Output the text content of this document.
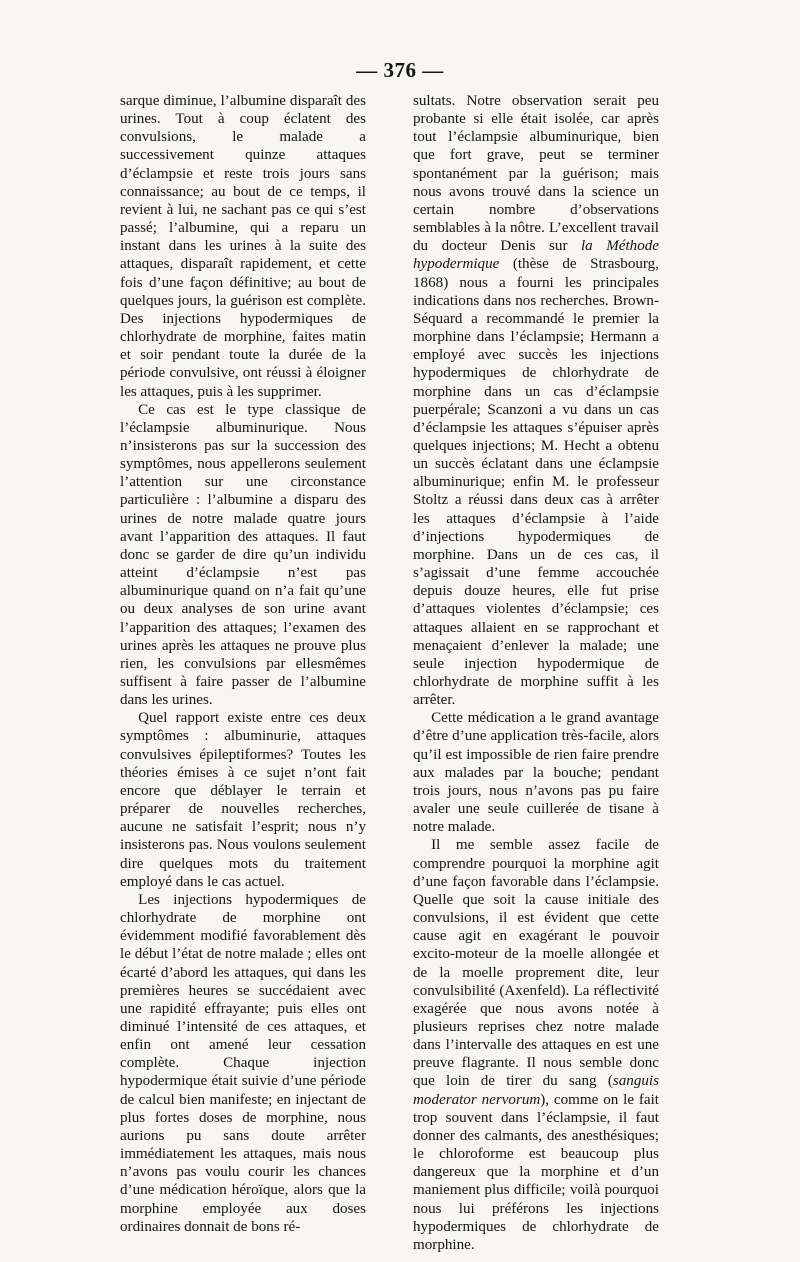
— 376 —

sarque diminue, l’albumine disparaît des urines. Tout à coup éclatent des convulsions, le malade a successivement quinze attaques d’éclampsie et reste trois jours sans connaissance; au bout de ce temps, il revient à lui, ne sachant pas ce qui s’est passé; l’albumine, qui a reparu un instant dans les urines à la suite des attaques, disparaît rapidement, et cette fois d’une façon définitive; au bout de quelques jours, la guérison est complète. Des injections hypodermiques de chlorhydrate de morphine, faites matin et soir pendant toute la durée de la période convulsive, ont réussi à éloigner les attaques, puis à les supprimer.

Ce cas est le type classique de l’éclampsie albuminurique. Nous n’insisterons pas sur la succession des symptômes, nous appellerons seulement l’attention sur une circonstance particulière : l’albumine a disparu des urines de notre malade quatre jours avant l’apparition des attaques. Il faut donc se garder de dire qu’un individu atteint d’éclampsie n’est pas albuminurique quand on n’a fait qu’une ou deux analyses de son urine avant l’apparition des attaques; l’examen des urines après les attaques ne prouve plus rien, les convulsions par ellesmêmes suffisent à faire passer de l’albumine dans les urines.

Quel rapport existe entre ces deux symptômes : albuminurie, attaques convulsives épileptiformes? Toutes les théories émises à ce sujet n’ont fait encore que déblayer le terrain et préparer de nouvelles recherches, aucune ne satisfait l’esprit; nous n’y insisterons pas. Nous voulons seulement dire quelques mots du traitement employé dans le cas actuel.

Les injections hypodermiques de chlorhydrate de morphine ont évidemment modifié favorablement dès le début l’état de notre malade ; elles ont écarté d’abord les attaques, qui dans les premières heures se succédaient avec une rapidité effrayante; puis elles ont diminué l’intensité de ces attaques, et enfin ont amené leur cessation complète. Chaque injection hypodermique était suivie d’une période de calcul bien manifeste; en injectant de plus fortes doses de morphine, nous aurions pu sans doute arrêter immédiatement les attaques, mais nous n’avons pas voulu courir les chances d’une médication héroïque, alors que la morphine employée aux doses ordinaires donnait de bons ré-

sultats. Notre observation serait peu probante si elle était isolée, car après tout l’éclampsie albuminurique, bien que fort grave, peut se terminer spontanément par la guérison; mais nous avons trouvé dans la science un certain nombre d’observations semblables à la nôtre. L’excellent travail du docteur Denis sur la Méthode hypodermique (thèse de Strasbourg, 1868) nous a fourni les principales indications dans nos recherches. Brown-Séquard a recommandé le premier la morphine dans l’éclampsie; Hermann a employé avec succès les injections hypodermiques de chlorhydrate de morphine dans un cas d’éclampsie puerpérale; Scanzoni a vu dans un cas d’éclampsie les attaques s’épuiser après quelques injections; M. Hecht a obtenu un succès éclatant dans une éclampsie albuminurique; enfin M. le professeur Stoltz a réussi dans deux cas à arrêter les attaques d’éclampsie à l’aide d’injections hypodermiques de morphine. Dans un de ces cas, il s’agissait d’une femme accouchée depuis douze heures, elle fut prise d’attaques violentes d’éclampsie; ces attaques allaient en se rapprochant et menaçaient d’enlever la malade; une seule injection hypodermique de chlorhydrate de morphine suffit à les arrêter.

Cette médication a le grand avantage d’être d’une application très-facile, alors qu’il est impossible de rien faire prendre aux malades par la bouche; pendant trois jours, nous n’avons pas pu faire avaler une seule cuillerée de tisane à notre malade.

Il me semble assez facile de comprendre pourquoi la morphine agit d’une façon favorable dans l’éclampsie. Quelle que soit la cause initiale des convulsions, il est évident que cette cause agit en exagérant le pouvoir excito-moteur de la moelle allongée et de la moelle proprement dite, leur convulsibilité (Axenfeld). La réflectivité exagérée que nous avons notée à plusieurs reprises chez notre malade dans l’intervalle des attaques en est une preuve flagrante. Il nous semble donc que loin de tirer du sang (sanguis moderator nervorum), comme on le fait trop souvent dans l’éclampsie, il faut donner des calmants, des anesthésiques; le chloroforme est beaucoup plus dangereux que la morphine et d’un maniement plus difficile; voilà pourquoi nous lui préférons les injections hypodermiques de chlorhydrate de morphine.
